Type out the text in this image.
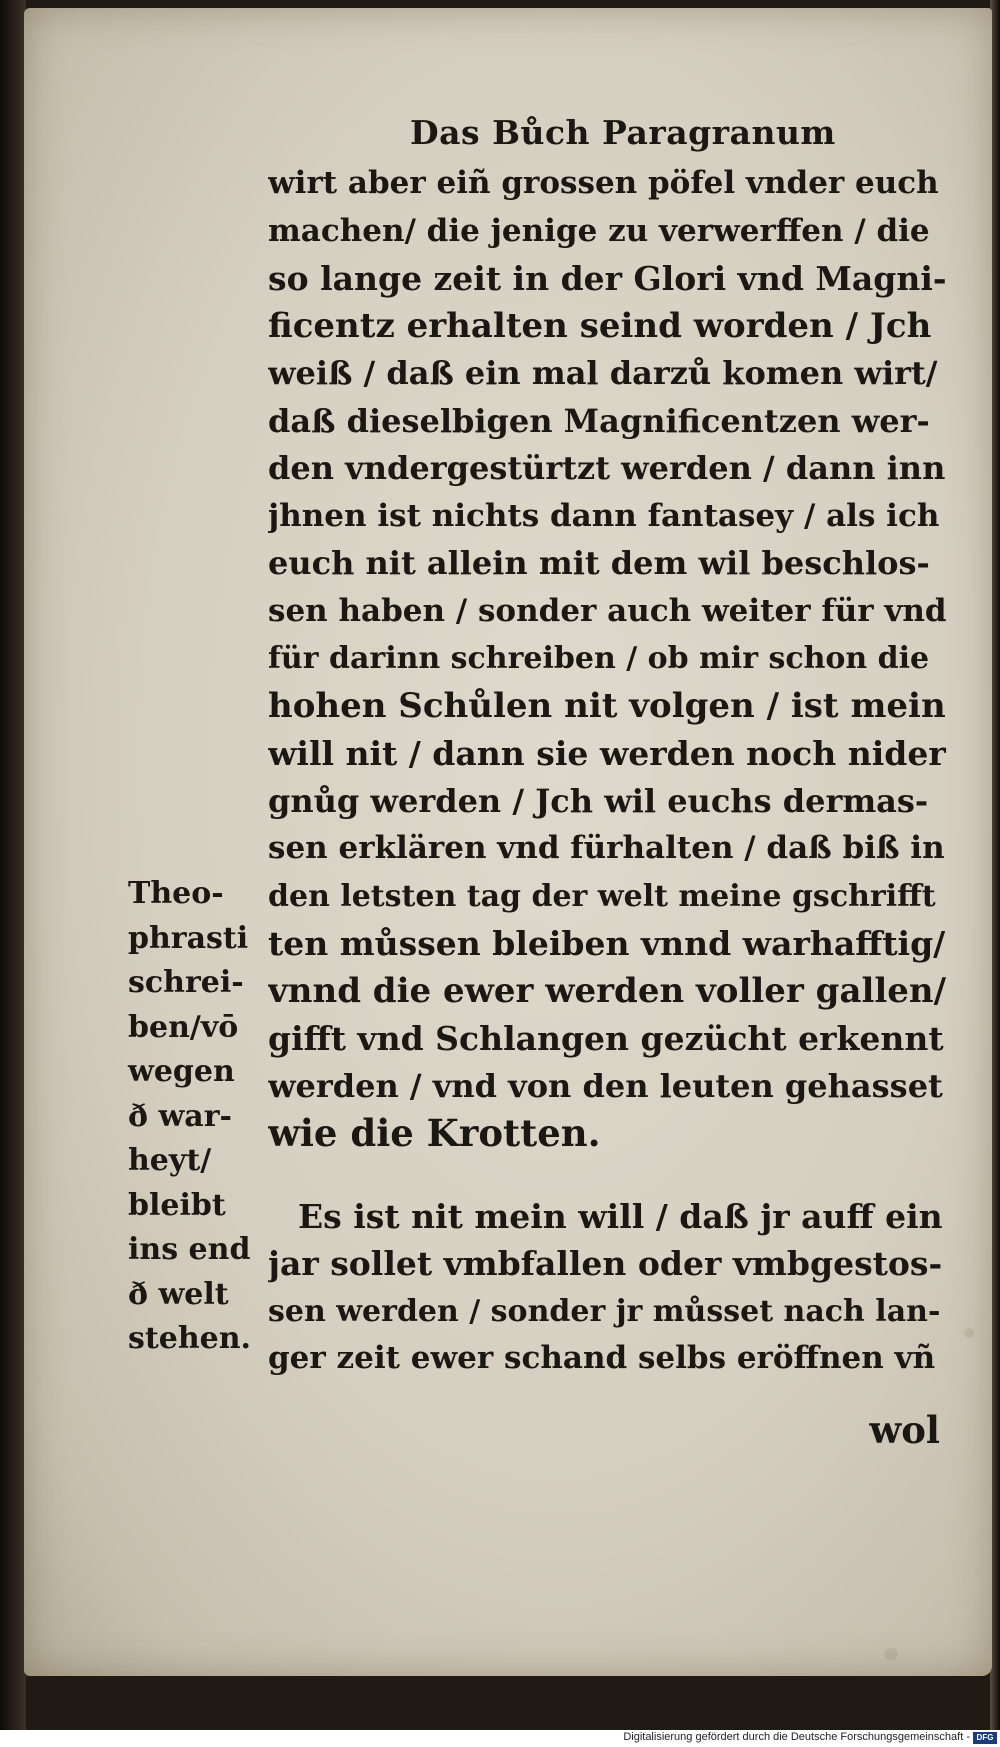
Das Bůch Paragranum
wirt aber eiñ grossen pöfel vnder euch
machen/ die jenige zu verwerffen / die
so lange zeit in der Glori vnd Magni-
ficentz erhalten seind worden / Jch
weiß / daß ein mal darzů komen wirt/
daß dieselbigen Magnificentzen wer-
den vndergestürtzt werden / dann inn
jhnen ist nichts dann fantasey / als ich
euch nit allein mit dem wil beschlos-
sen haben / sonder auch weiter für vnd
für darinn schreiben / ob mir schon die
hohen Schůlen nit volgen / ist mein
will nit / dann sie werden noch nider
gnůg werden / Jch wil euchs dermas-
sen erklären vnd fürhalten / daß biß in
den letsten tag der welt meine gschrifft
ten můssen bleiben vnnd warhafftig/
vnnd die ewer werden voller gallen/
gifft vnd Schlangen gezücht erkennt
werden / vnd von den leuten gehasset
wie die Krotten.
Es ist nit mein will / daß jr auff ein
jar sollet vmbfallen oder vmbgestos-
sen werden / sonder jr můsset nach lan-
ger zeit ewer schand selbs eröffnen vñ
wol
Theo-
phrasti
schrei-
ben/vō
wegen
ð war-
heyt/
bleibt
ins end
ð welt
stehen.
Digitalisierung gefördert durch die Deutsche Forschungsgemeinschaft - DFG
